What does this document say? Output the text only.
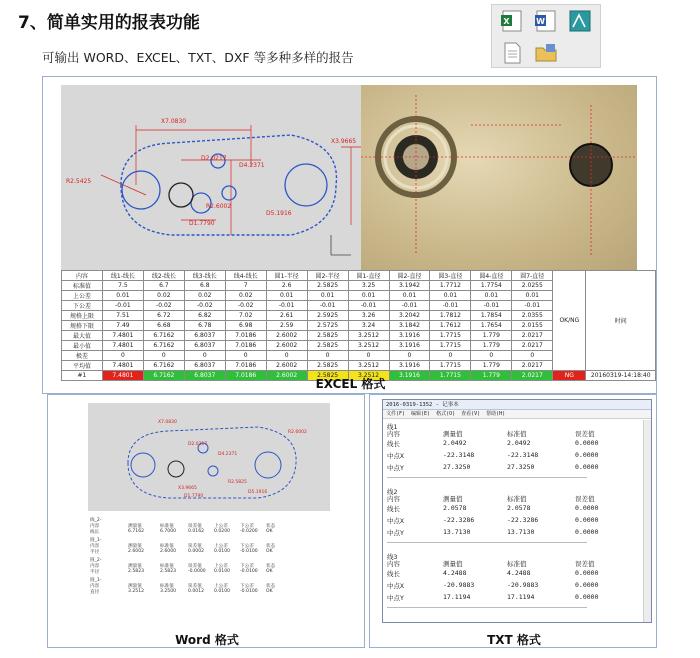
7、简单实用的报表功能
可输出 WORD、EXCEL、TXT、DXF 等多种多样的报告
X	W
X7.0830
D2.0217
D4.2371
X3.9665
R2.6002
D1.7790
D5.1916
R2.5425
内容	线1-线长	线2-线长	线3-线长	线4-线长	圆1-半径	圆2-半径	圆1-直径	圆2-直径	圆3-直径	圆4-直径	圆7-直径	OK/NG	时间
标准值	7.5	6.7	6.8	7	2.6	2.5825	3.25	3.1942	1.7712	1.7754	2.0255		
上公差	0.01	0.02	0.02	0.02	0.01	0.01	0.01	0.01	0.01	0.01	0.01		
下公差	-0.01	-0.02	-0.02	-0.02	-0.01	-0.01	-0.01	-0.01	-0.01	-0.01	-0.01		
规格上限	7.51	6.72	6.82	7.02	2.61	2.5925	3.26	3.2042	1.7812	1.7854	2.0355		
规格下限	7.49	6.68	6.78	6.98	2.59	2.5725	3.24	3.1842	1.7612	1.7654	2.0155		
最大值	7.4801	6.7162	6.8037	7.0186	2.6002	2.5825	3.2512	3.1916	1.7715	1.779	2.0217		
最小值	7.4801	6.7162	6.8037	7.0186	2.6002	2.5825	3.2512	3.1916	1.7715	1.779	2.0217		
极差	0	0	0	0	0	0	0	0	0	0	0		
平均值	7.4801	6.7162	6.8037	7.0186	2.6002	2.5825	3.2512	3.1916	1.7715	1.779	2.0217		
#1	7.4801	6.7162	6.8037	7.0186	2.6002	2.5825	3.2512	3.1916	1.7715	1.779	2.0217	NG	20160319-14:18:40
EXCEL 格式
X7.0830
D2.0217
D4.2371
R2.6002
R2.5825
X3.9665
D1.7790
D5.1916
线_2-
内容	测量值	标准值	误差值	上公差	下公差	状态
线长	6.7162	6.7000	0.0162 0.0200 -0.0200 OK
圆_1-
内容	测量值	标准值	误差值	上公差	下公差	状态
半径	2.6002	2.6000	0.0002 0.0100 -0.0100 OK
圆_2-
内容	测量值	标准值	误差值	上公差	下公差	状态
半径	2.5823	2.5823	-0.0000 0.0100 -0.0100 OK
圆_1-
内容	测量值	标准值	误差值	上公差	下公差	状态
直径	3.2512	3.2500	0.0012 0.0100 -0.0100 OK
Word 格式
2016-0319-1352 - 记事本
文件(F) 编辑(E) 格式(O) 查看(V) 帮助(H)
线1
内容	测量值	标准值	误差值
线长	2.0492	2.0492	0.0000
中点X	-22.3148	-22.3148	0.0000
中点Y	27.3250	27.3250	0.0000
线2
内容	测量值	标准值	误差值
线长	2.0578	2.0578	0.0000
中点X	-22.3286	-22.3286	0.0000
中点Y	13.7130	13.7130	0.0000
线3
内容	测量值	标准值	误差值
线长	4.2488	4.2488	0.0000
中点X	-20.9883	-20.9883	0.0000
中点Y	17.1194	17.1194	0.0000
TXT 格式
